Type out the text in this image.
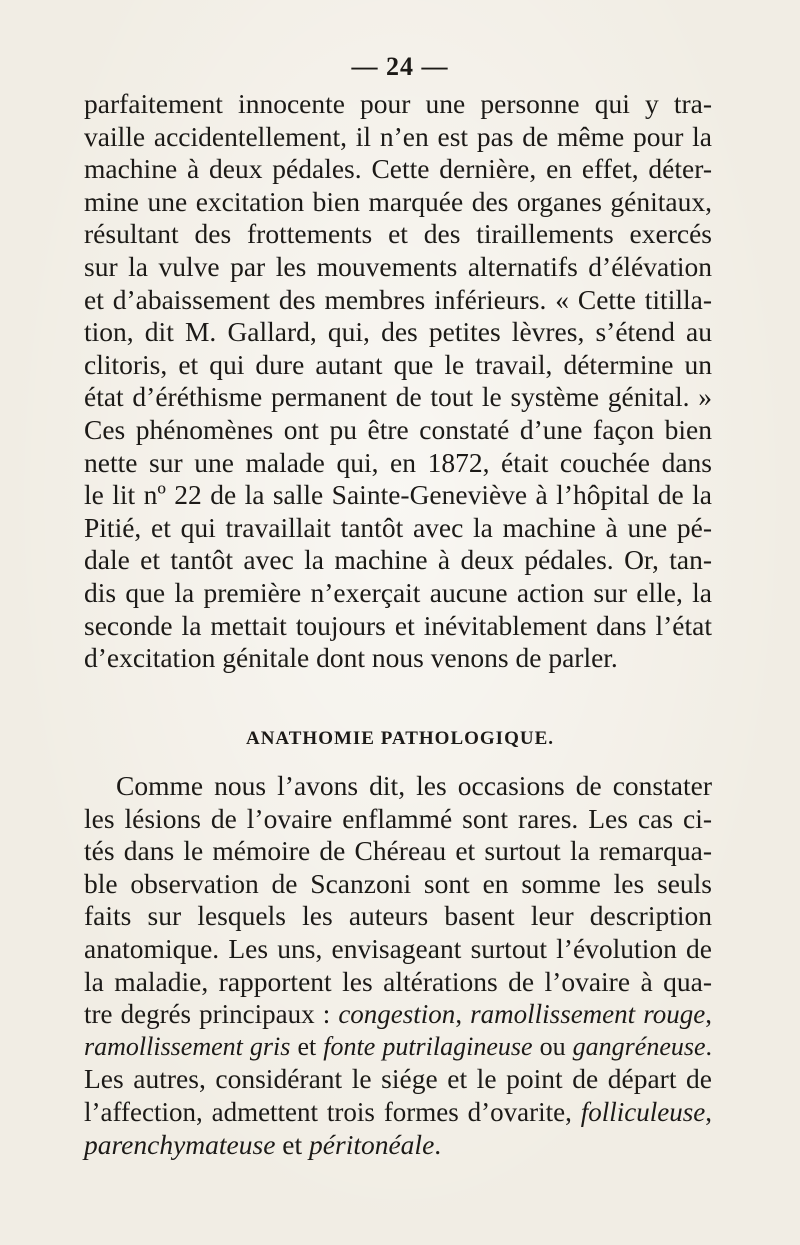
— 24 —
parfaitement innocente pour une personne qui y tra-
vaille accidentellement, il n’en est pas de même pour la
machine à deux pédales. Cette dernière, en effet, déter-
mine une excitation bien marquée des organes génitaux,
résultant des frottements et des tiraillements exercés
sur la vulve par les mouvements alternatifs d’élévation
et d’abaissement des membres inférieurs. « Cette titilla-
tion, dit M. Gallard, qui, des petites lèvres, s’étend au
clitoris, et qui dure autant que le travail, détermine un
état d’éréthisme permanent de tout le système génital. »
Ces phénomènes ont pu être constaté d’une façon bien
nette sur une malade qui, en 1872, était couchée dans
le lit nº 22 de la salle Sainte-Geneviève à l’hôpital de la
Pitié, et qui travaillait tantôt avec la machine à une pé-
dale et tantôt avec la machine à deux pédales. Or, tan-
dis que la première n’exerçait aucune action sur elle, la
seconde la mettait toujours et inévitablement dans l’état
d’excitation génitale dont nous venons de parler.
ANATHOMIE PATHOLOGIQUE.
Comme nous l’avons dit, les occasions de constater
les lésions de l’ovaire enflammé sont rares. Les cas ci-
tés dans le mémoire de Chéreau et surtout la remarqua-
ble observation de Scanzoni sont en somme les seuls
faits sur lesquels les auteurs basent leur description
anatomique. Les uns, envisageant surtout l’évolution de
la maladie, rapportent les altérations de l’ovaire à qua-
tre degrés principaux : congestion, ramollissement rouge,
ramollissement gris et fonte putrilagineuse ou gangréneuse.
Les autres, considérant le siége et le point de départ de
l’affection, admettent trois formes d’ovarite, folliculeuse,
parenchymateuse et péritonéale.
